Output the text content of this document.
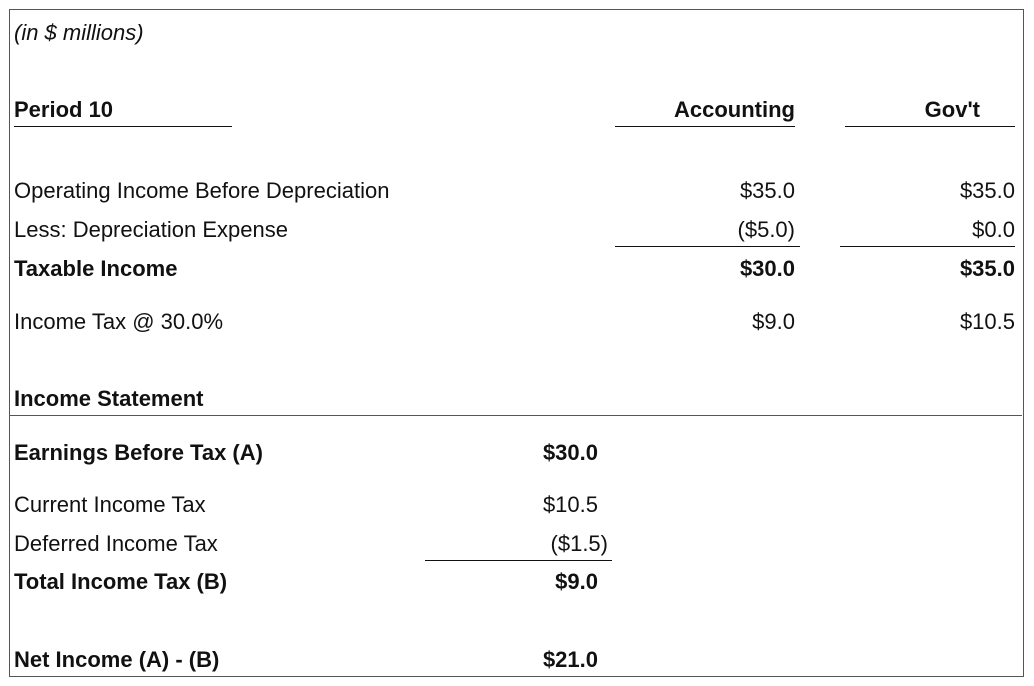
(in $ millions)
Period 10	Accounting	Gov't
Operating Income Before Depreciation	$35.0	$35.0
Less: Depreciation Expense	($5.0)	$0.0
Taxable Income	$30.0	$35.0
Income Tax @ 30.0%	$9.0	$10.5
Income Statement
Earnings Before Tax (A)	$30.0
Current Income Tax	$10.5
Deferred Income Tax	($1.5)
Total Income Tax (B)	$9.0
Net Income (A) - (B)	$21.0
